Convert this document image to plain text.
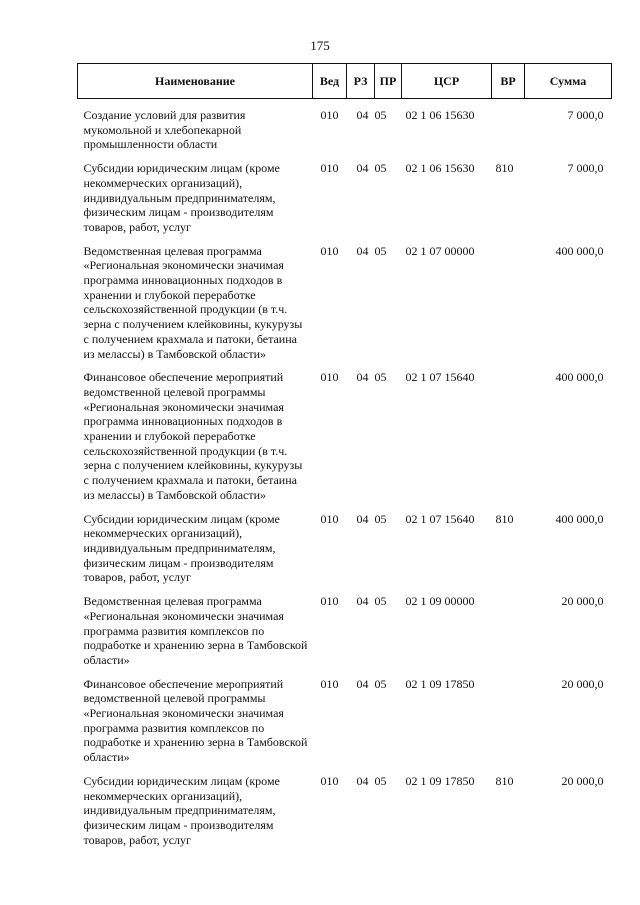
175
Наименование	Вед	РЗ	ПР	ЦСР	ВР	Сумма

Создание условий для развития мукомольной и хлебопекарной промышленности области	010	04	05	02 1 06 15630		7 000,0

Субсидии юридическим лицам (кроме некоммерческих организаций), индивидуальным предпринимателям, физическим лицам - производителям товаров, работ, услуг	010	04	05	02 1 06 15630	810	7 000,0

Ведомственная целевая программа «Региональная экономически значимая программа инновационных подходов в хранении и глубокой переработке сельскохозяйственной продукции (в т.ч. зерна с получением клейковины, кукурузы с получением крахмала и патоки, бетаина из мелассы) в Тамбовской области»	010	04	05	02 1 07 00000		400 000,0

Финансовое обеспечение мероприятий ведомственной целевой программы «Региональная экономически значимая программа инновационных подходов в хранении и глубокой переработке сельскохозяйственной продукции (в т.ч. зерна с получением клейковины, кукурузы с получением крахмала и патоки, бетаина из мелассы) в Тамбовской области»	010	04	05	02 1 07 15640		400 000,0

Субсидии юридическим лицам (кроме некоммерческих организаций), индивидуальным предпринимателям, физическим лицам - производителям товаров, работ, услуг	010	04	05	02 1 07 15640	810	400 000,0

Ведомственная целевая программа «Региональная экономически значимая программа развития комплексов по подработке и хранению зерна в Тамбовской области»	010	04	05	02 1 09 00000		20 000,0

Финансовое обеспечение мероприятий ведомственной целевой программы «Региональная экономически значимая программа развития комплексов по подработке и хранению зерна в Тамбовской области»	010	04	05	02 1 09 17850		20 000,0

Субсидии юридическим лицам (кроме некоммерческих организаций), индивидуальным предпринимателям, физическим лицам - производителям товаров, работ, услуг	010	04	05	02 1 09 17850	810	20 000,0
